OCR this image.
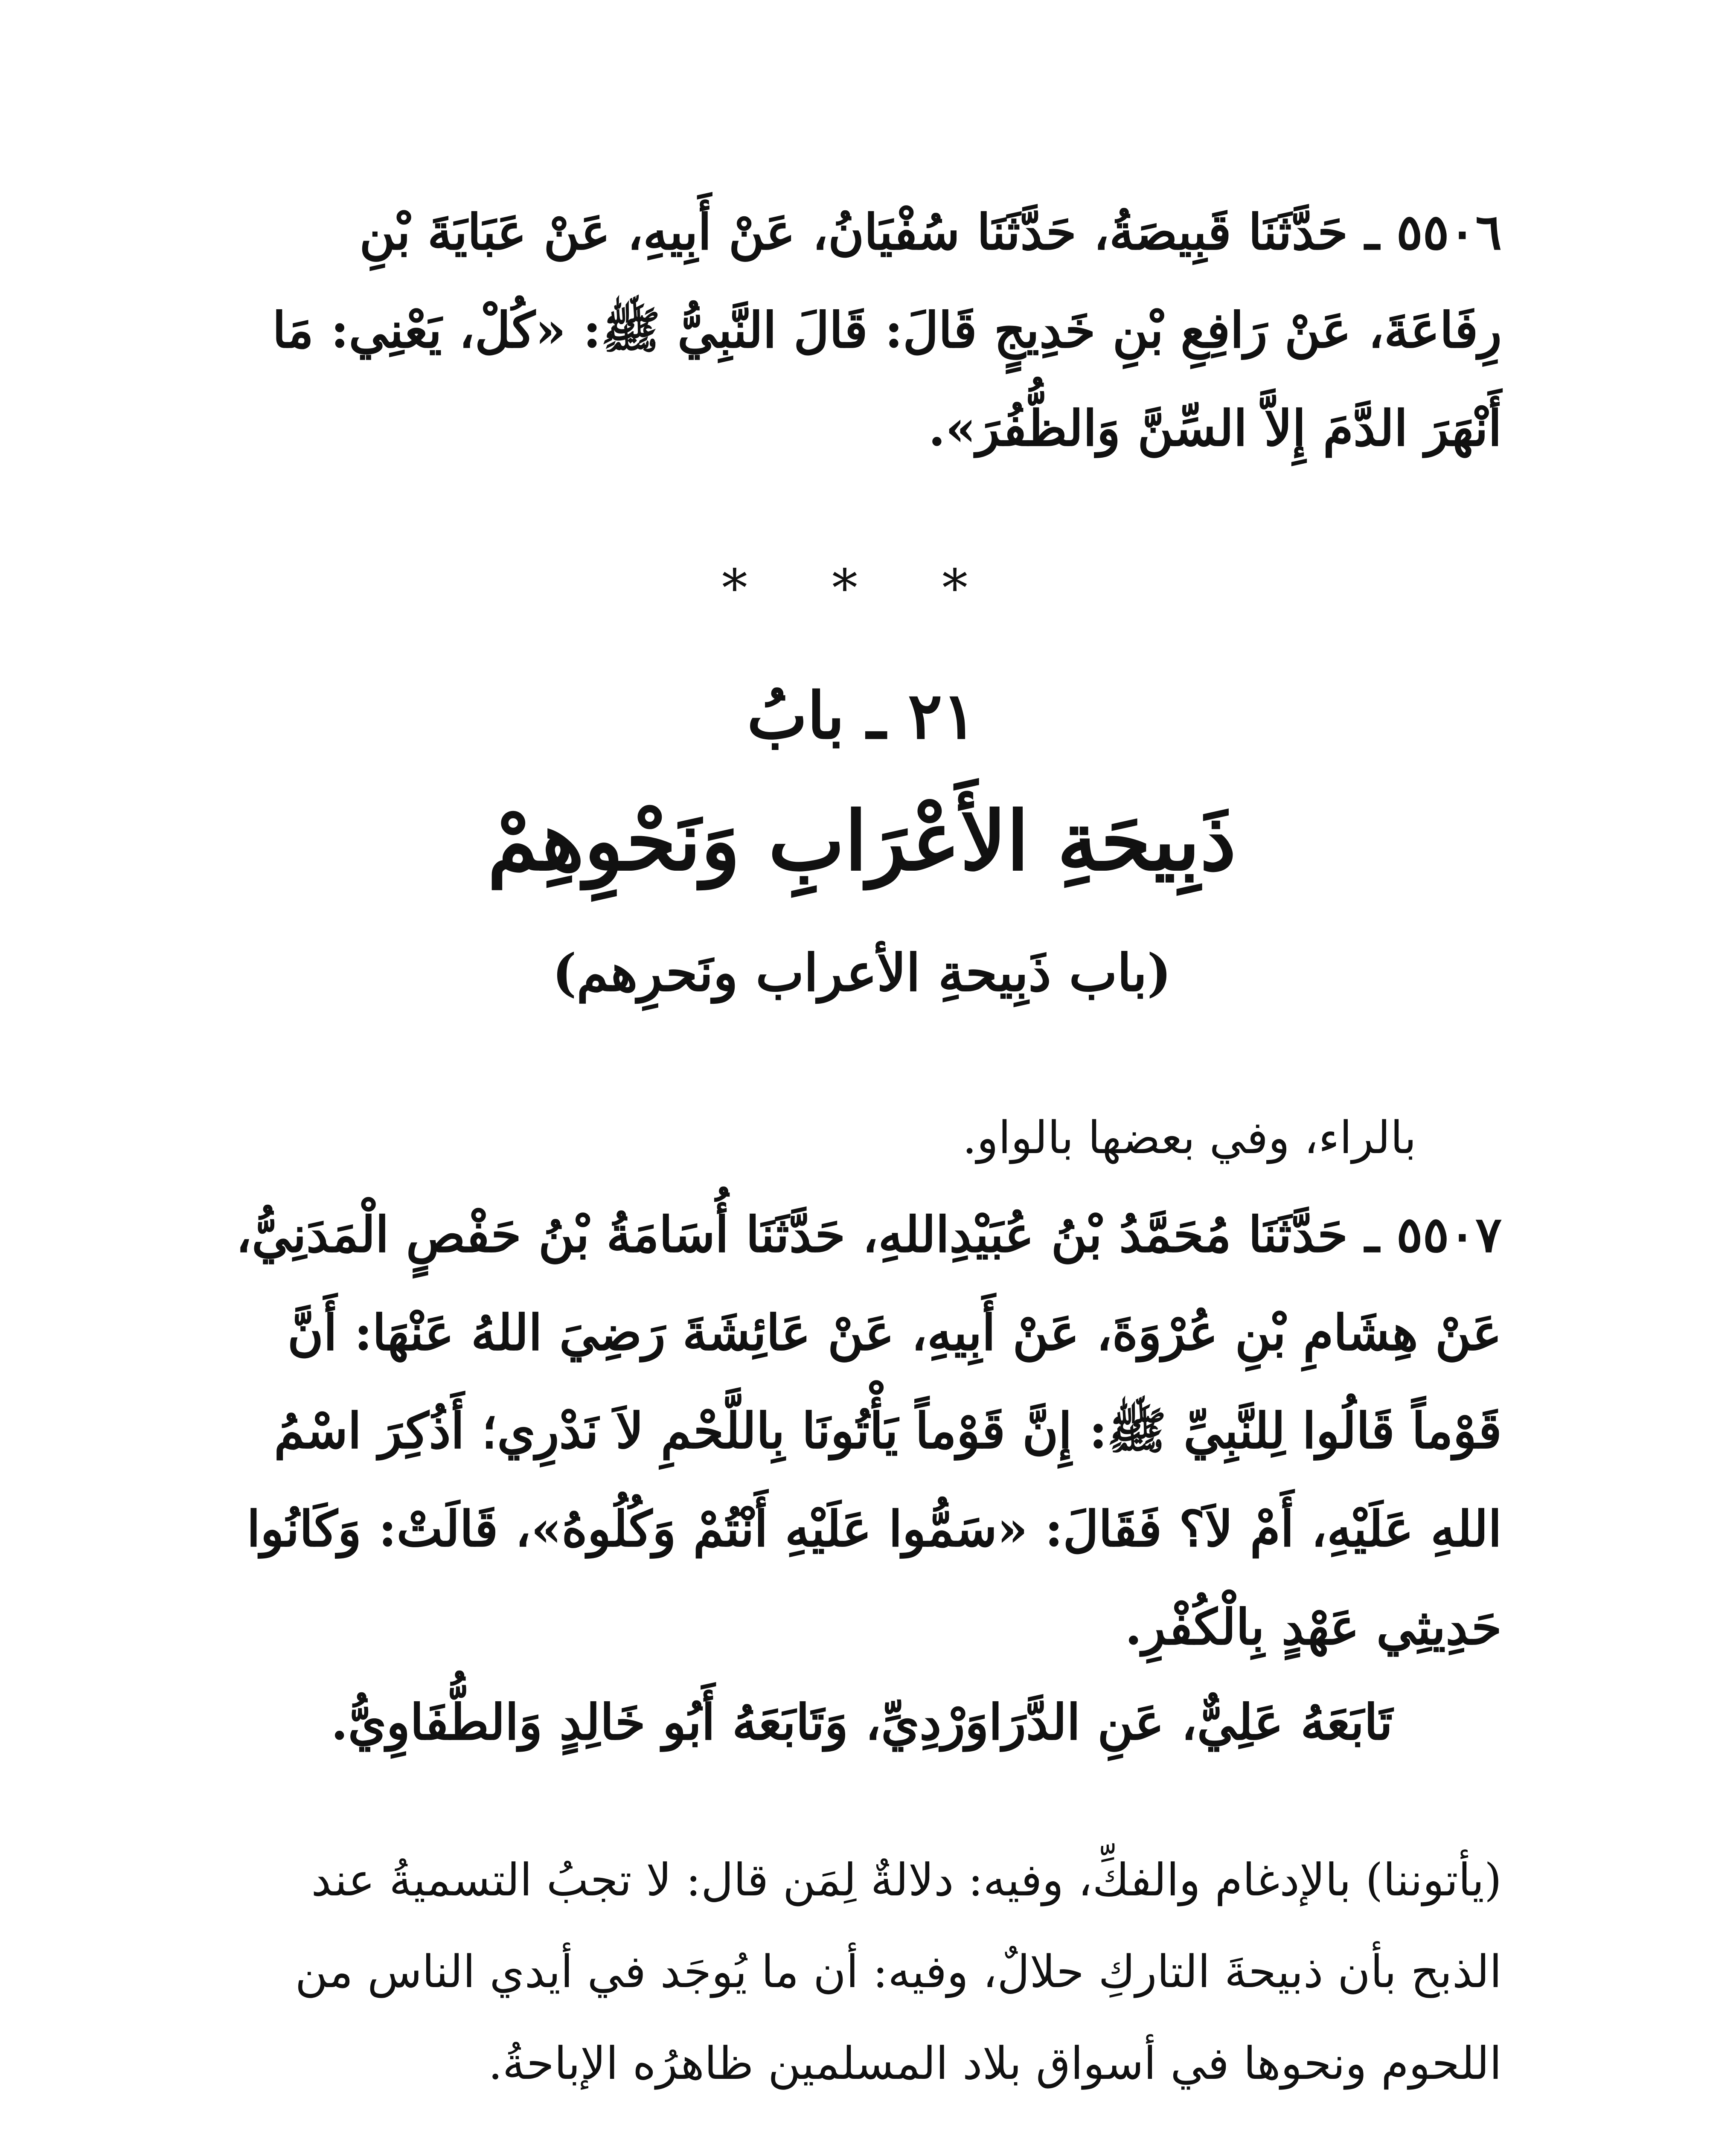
٥٥٠٦ ـ حَدَّثَنَا قَبِيصَةُ، حَدَّثَنَا سُفْيَانُ، عَنْ أَبِيهِ، عَنْ عَبَايَةَ بْنِ رِفَاعَةَ، عَنْ رَافِعِ بْنِ خَدِيجٍ قَالَ: قَالَ النَّبِيُّ ﷺ: «كُلْ، يَعْنِي: مَا أَنْهَرَ الدَّمَ إِلاَّ السِّنَّ وَالظُّفُرَ».

* * *
٢١ ـ بابُ
ذَبِيحَةِ الأَعْرَابِ وَنَحْوِهِمْ
(باب ذَبِيحةِ الأعراب ونَحرِهم)

بالراء، وفي بعضها بالواو.

٥٥٠٧ ـ حَدَّثَنَا مُحَمَّدُ بْنُ عُبَيْدِاللهِ، حَدَّثَنَا أُسَامَةُ بْنُ حَفْصٍ الْمَدَنِيُّ، عَنْ هِشَامِ بْنِ عُرْوَةَ، عَنْ أَبِيهِ، عَنْ عَائِشَةَ رَضِيَ اللهُ عَنْهَا: أَنَّ قَوْماً قَالُوا لِلنَّبِيِّ ﷺ: إِنَّ قَوْماً يَأْتُونَا بِاللَّحْمِ لاَ نَدْرِي؛ أَذُكِرَ اسْمُ اللهِ عَلَيْهِ، أَمْ لاَ؟ فَقَالَ: «سَمُّوا عَلَيْهِ أَنْتُمْ وَكُلُوهُ»، قَالَتْ: وَكَانُوا حَدِيثِي عَهْدٍ بِالْكُفْرِ.

تَابَعَهُ عَلِيٌّ، عَنِ الدَّرَاوَرْدِيِّ، وَتَابَعَهُ أَبُو خَالِدٍ وَالطُّفَاوِيُّ.

(يأتوننا) بالإدغام والفكِّ، وفيه: دلالةٌ لِمَن قال: لا تجبُ التسميةُ عند الذبح بأن ذبيحةَ التاركِ حلالٌ، وفيه: أن ما يُوجَد في أيدي الناس من اللحوم ونحوها في أسواق بلاد المسلمين ظاهرُه الإباحةُ.
